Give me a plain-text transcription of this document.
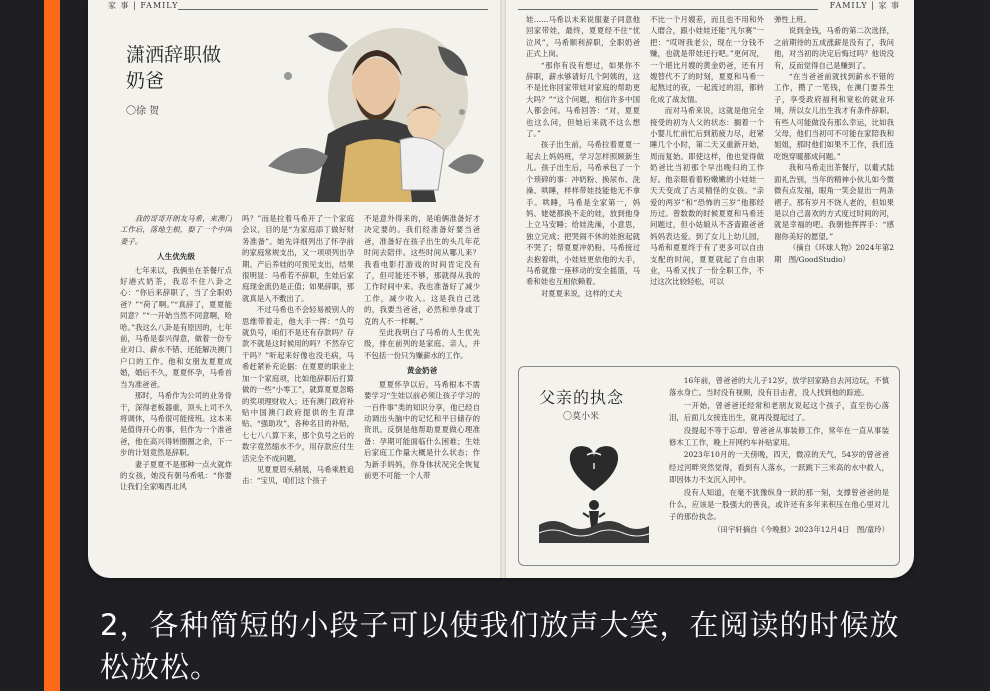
家 事 | FAMILY	FAMILY | 家 事
潇洒辞职做奶爸
〇徐 贺

我的哥哥开朗友马希，来澳门工作后，落地生根，娶了一个中国妻子。

人生优先级

七年来以，我俩坐在茶餐厅点好港式奶茶，我忍不住八卦之心：“你后来辞职了，当了全职奶爸？”“荷了啊。”“真辞了，夏夏能同意？”“一开始当然不同意啊，哈哈。”我这么八卦是有原因的，七年前，马希是泰兴得意，做着一份专业对口、薪水不错、还能解决澳门户口的工作。他和女朋友夏夏成婚，婚后不久，夏夏怀孕，马希首当为准爸爸。

那时，马希作为公司的业务骨干，深得老板器重，顶头上司不久将调休，马希很可能接班。这本来是值得开心的事，但作为一个准爸爸，他在高兴得转圈圈之余，下一步的计划竟然是辞职。

妻子夏夏不是那种一点火就炸的女孩，她没有朝马希吼：“你要让我们全家喝西北风

吗？”而是拉着马希开了一个家庭会议，目的是“为家庭添丁做好财务准备”。她先详细列出了怀孕前的家庭常规支出，又一项项列出孕期、产后养娃的可预见支出，结果很明显：马希若不辞职，生娃后家庭现金流仍是正值；如果辞职，那就真是入不敷出了。

不过马希也不会轻易被别人的思维带着走，他大手一挥：“负号就负号，咱们不是还有存款吗？存款不就是这时候用的吗？不然存它干吗？”听起来好像也没毛病，马希赶紧补充论据：在夏夏的职业上加一个家庭项，比如他辞职后打算做的一些“小零工”，就算夏夏忽略的奖项理财收入；还有澳门政府补贴中国澳门政府提供的生育津贴、“强助攻”，各种名目的补贴，七七八八算下来，那个负号之后的数字竟然缩水不少，用存款应付生活完全不成问题。

见夏夏眉头稍展，马希乘胜追击：“宝贝，咱们这个孩子

不是意外得来的，是咱俩准备好才决定要的。我们经准备好要当爸爸，准备好在孩子出生的头几年花时间去陪伴。这些时间从哪儿来？我看电影打游戏的时间肯定没有了，但可能还不够，那就得从我的工作时间中来。我也准备好了减少工作，减少收入。这是我自己选的，我要当爸爸，必然和单身或丁克的人不一样啊。”

至此我明白了马希的人生优先级，排在前列的是家庭、亲人，并不包括一份只为赚薪水的工作。

黄金奶爸

夏夏怀孕以后，马希根本不需要学习“生娃以前必须让孩子学习的一百件事”类的知识分享，他已经自动调出头脑中的记忆和平日储存的资讯。反倒是他帮助夏夏做心理准备：孕期可能面临什么困难；生娃后家庭工作量大概是什么状态；作为新手妈妈，你身体状况完全恢复前更不可能一个人带

娃……马希以未来说服妻子同意他回家带娃，最终，夏夏经不住“忧泣风”，马希顺利辞职，全职奶爸正式上岗。

“那你有没有想过，如果你不辞职，薪水够请好几个阿姨的，这不是比你回家带娃对家庭的帮助更大吗？”“这个问题，相信许多中国人都会问。马希回答：“对，夏夏也这么问，但她后来就不这么想了。”

孩子出生前，马希拉着夏夏一起去上妈妈班，学习怎样照顾新生儿。孩子出生后，马希承包了一个个琐碎的事：冲奶粉、换尿布、洗澡、哄睡，样样带娃技能他无不拿手。哄睡，马希是全家第一，妈妈、姥姥都换不走的娃，放到他身上立马安睡；给娃洗澡，小意思，独立完成；把哭闹不休的娃抱起就不哭了；帮夏夏冲奶粉、马希接过去抱着哄，小娃娃更依他的大手，马希就像一座移动的安全摇篮，马希和娃也互相依赖着。

对夏夏来说，这样的丈夫

不比一个月嫂差，而且也不用和外人磨合，跟小娃娃还能“凡尔赛”一把：“哎呀我老公，现在一分钱不赚，也就是带娃还行吧。”更何况，一个堪比月嫂的黄金奶爸，还有月嫂替代不了的时刻，夏夏和马希一起熬过的夜，一起流过的泪，都转化成了战友情。

而对马希来说，这就是他完全接受的初为人父的状态：搁着一个小婴儿忙前忙后到筋疲力尽，赶紧睡几个小时，第二天又重新开始，周而复始。即使这样，他也觉得做奶爸比当初那个早出晚归的工作好。他亲眼看着粉嫩嫩的小娃娃一天天变成了古灵精怪的女孩。“亲爱的两岁”和“恐怖的三岁”他都经历过。曾数数的时候夏夏和马希还问题过，但小姑娘从不吝啬跟爸爸妈妈表达爱。到了女儿上幼儿园，马希和夏夏终于有了更多可以自由支配的时间，夏夏就起了自由职业，马希又找了一份全职工作，不过这次比较轻松，可以

弹性上班。

说到金钱，马希的第二次选择，之前期待的五成涨薪是没有了，我问他，对当初的决定后悔过吗？他说没有，反而觉得自己是赚到了。

“在当爸爸前就找到薪水不错的工作，攒了一笔钱，在澳门要养生子，享受政府福利和宽松的就业环境，所以女儿出生我才有条件辞职。有些人可能做没有那么幸运，比如我父母，他们当初可不可能在家陪我和姐姐，那时他们如果不工作，我们连吃饱穿暖都成问题。”

我和马希走出茶餐厅，以葡式陆面礼告别，当年的精神小伙儿如今微微有点发福，眼角一笑会显出一两条褶子。那有岁月不饶人老的，但如果是以自己喜欢的方式度过时间的河，就是幸福的吧。我朝他挥挥手：“感谢你美好的愿望。”

（摘自《环球人物》2024年第2期　图/GoodStudio）

父亲的执念
〇莫小米

16年前，曾爸爸的大儿子12岁，放学回家路自去河边玩，不慎落水身亡。当时没有视频，没有目击者，没人找到他的踪迹。

一开始，曾爸爸还经常和老朋友说起这个孩子，直至伤心落泪，后面儿女接连出生，就再没提起过了。

没提起不等于忘却。曾爸爸从事装修工作，常年在一直从事装修木工工作，晚上开网约车补贴家用。

2023年10月的一天傍晚，四天，微凉的天气，54岁的曾爸爸经过河畔突然觉得，看到有人落水，一跃跳下三米高的水中救人，即因体力不支沉入河中。

没有人知道，在毫不犹豫纵身一跃的那一刻，支撑曾爸爸的是什么，应该是一股强大的善良，或许还有多年来积压在他心里对儿子的那份执念。

（田宇轩摘自《今晚报》2023年12月4日　图/童玲）

2，各种简短的小段子可以使我们放声大笑，在阅读的时候放松放松。
